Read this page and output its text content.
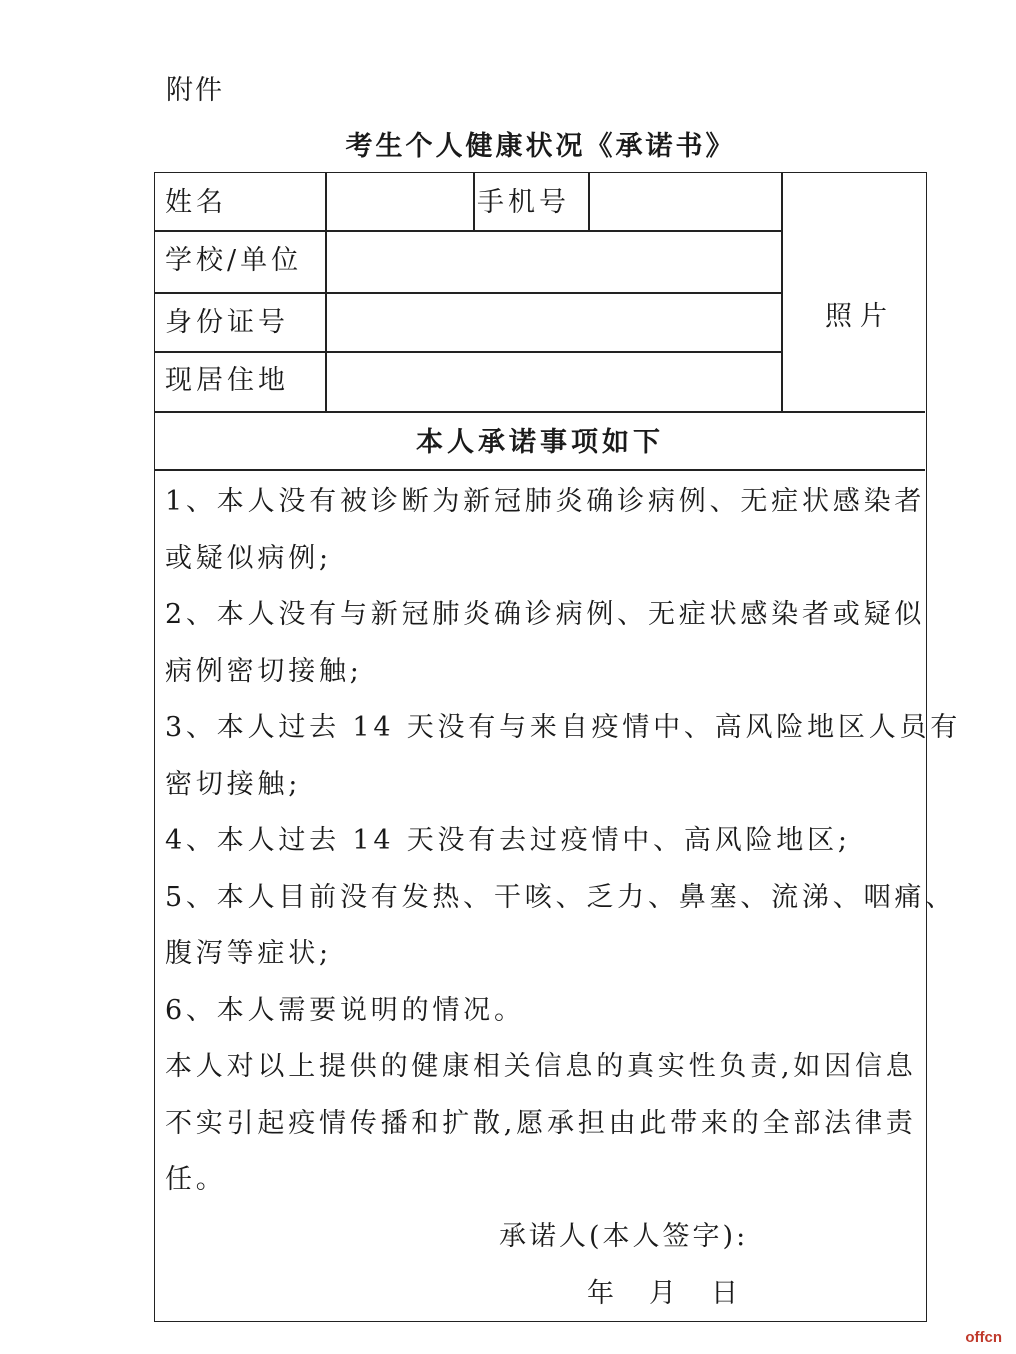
附件
考生个人健康状况《承诺书》
姓名	手机号
学校/单位
身份证号
现居住地
照片
本人承诺事项如下
1、本人没有被诊断为新冠肺炎确诊病例、无症状感染者
或疑似病例;
2、本人没有与新冠肺炎确诊病例、无症状感染者或疑似
病例密切接触;
3、本人过去 14 天没有与来自疫情中、高风险地区人员有
密切接触;
4、本人过去 14 天没有去过疫情中、高风险地区;
5、本人目前没有发热、干咳、乏力、鼻塞、流涕、咽痛、
腹泻等症状;
6、本人需要说明的情况。
本人对以上提供的健康相关信息的真实性负责,如因信息
不实引起疫情传播和扩散,愿承担由此带来的全部法律责
任。
承诺人(本人签字):
年 月 日
offcn
